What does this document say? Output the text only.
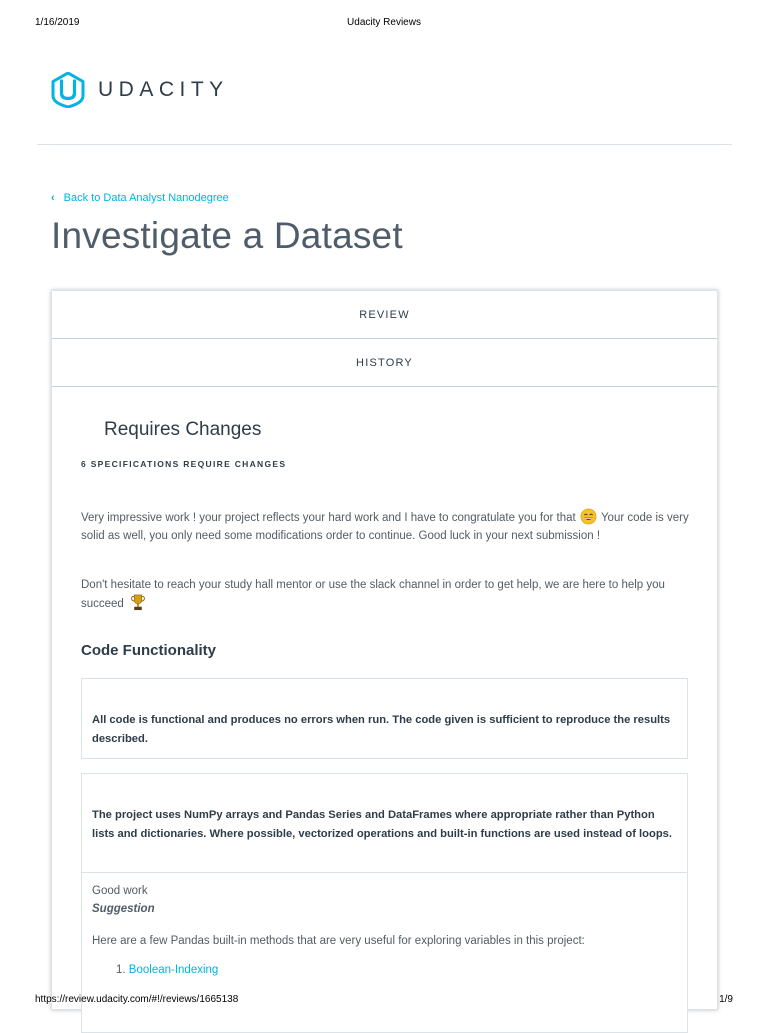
1/16/2019	Udacity Reviews
UDACITY
‹ Back to Data Analyst Nanodegree
Investigate a Dataset
REVIEW
HISTORY
Requires Changes
6 SPECIFICATIONS REQUIRE CHANGES
Very impressive work ! your project reflects your hard work and I have to congratulate you for that Your code is very solid as well, you only need some modifications order to continue. Good luck in your next submission !
Don't hesitate to reach your study hall mentor or use the slack channel in order to get help, we are here to help you succeed
Code Functionality
All code is functional and produces no errors when run. The code given is sufficient to reproduce the results described.
The project uses NumPy arrays and Pandas Series and DataFrames where appropriate rather than Python lists and dictionaries. Where possible, vectorized operations and built-in functions are used instead of loops.
Good work
Suggestion
Here are a few Pandas built-in methods that are very useful for exploring variables in this project:
1. Boolean-Indexing
https://review.udacity.com/#!/reviews/1665138	1/9
